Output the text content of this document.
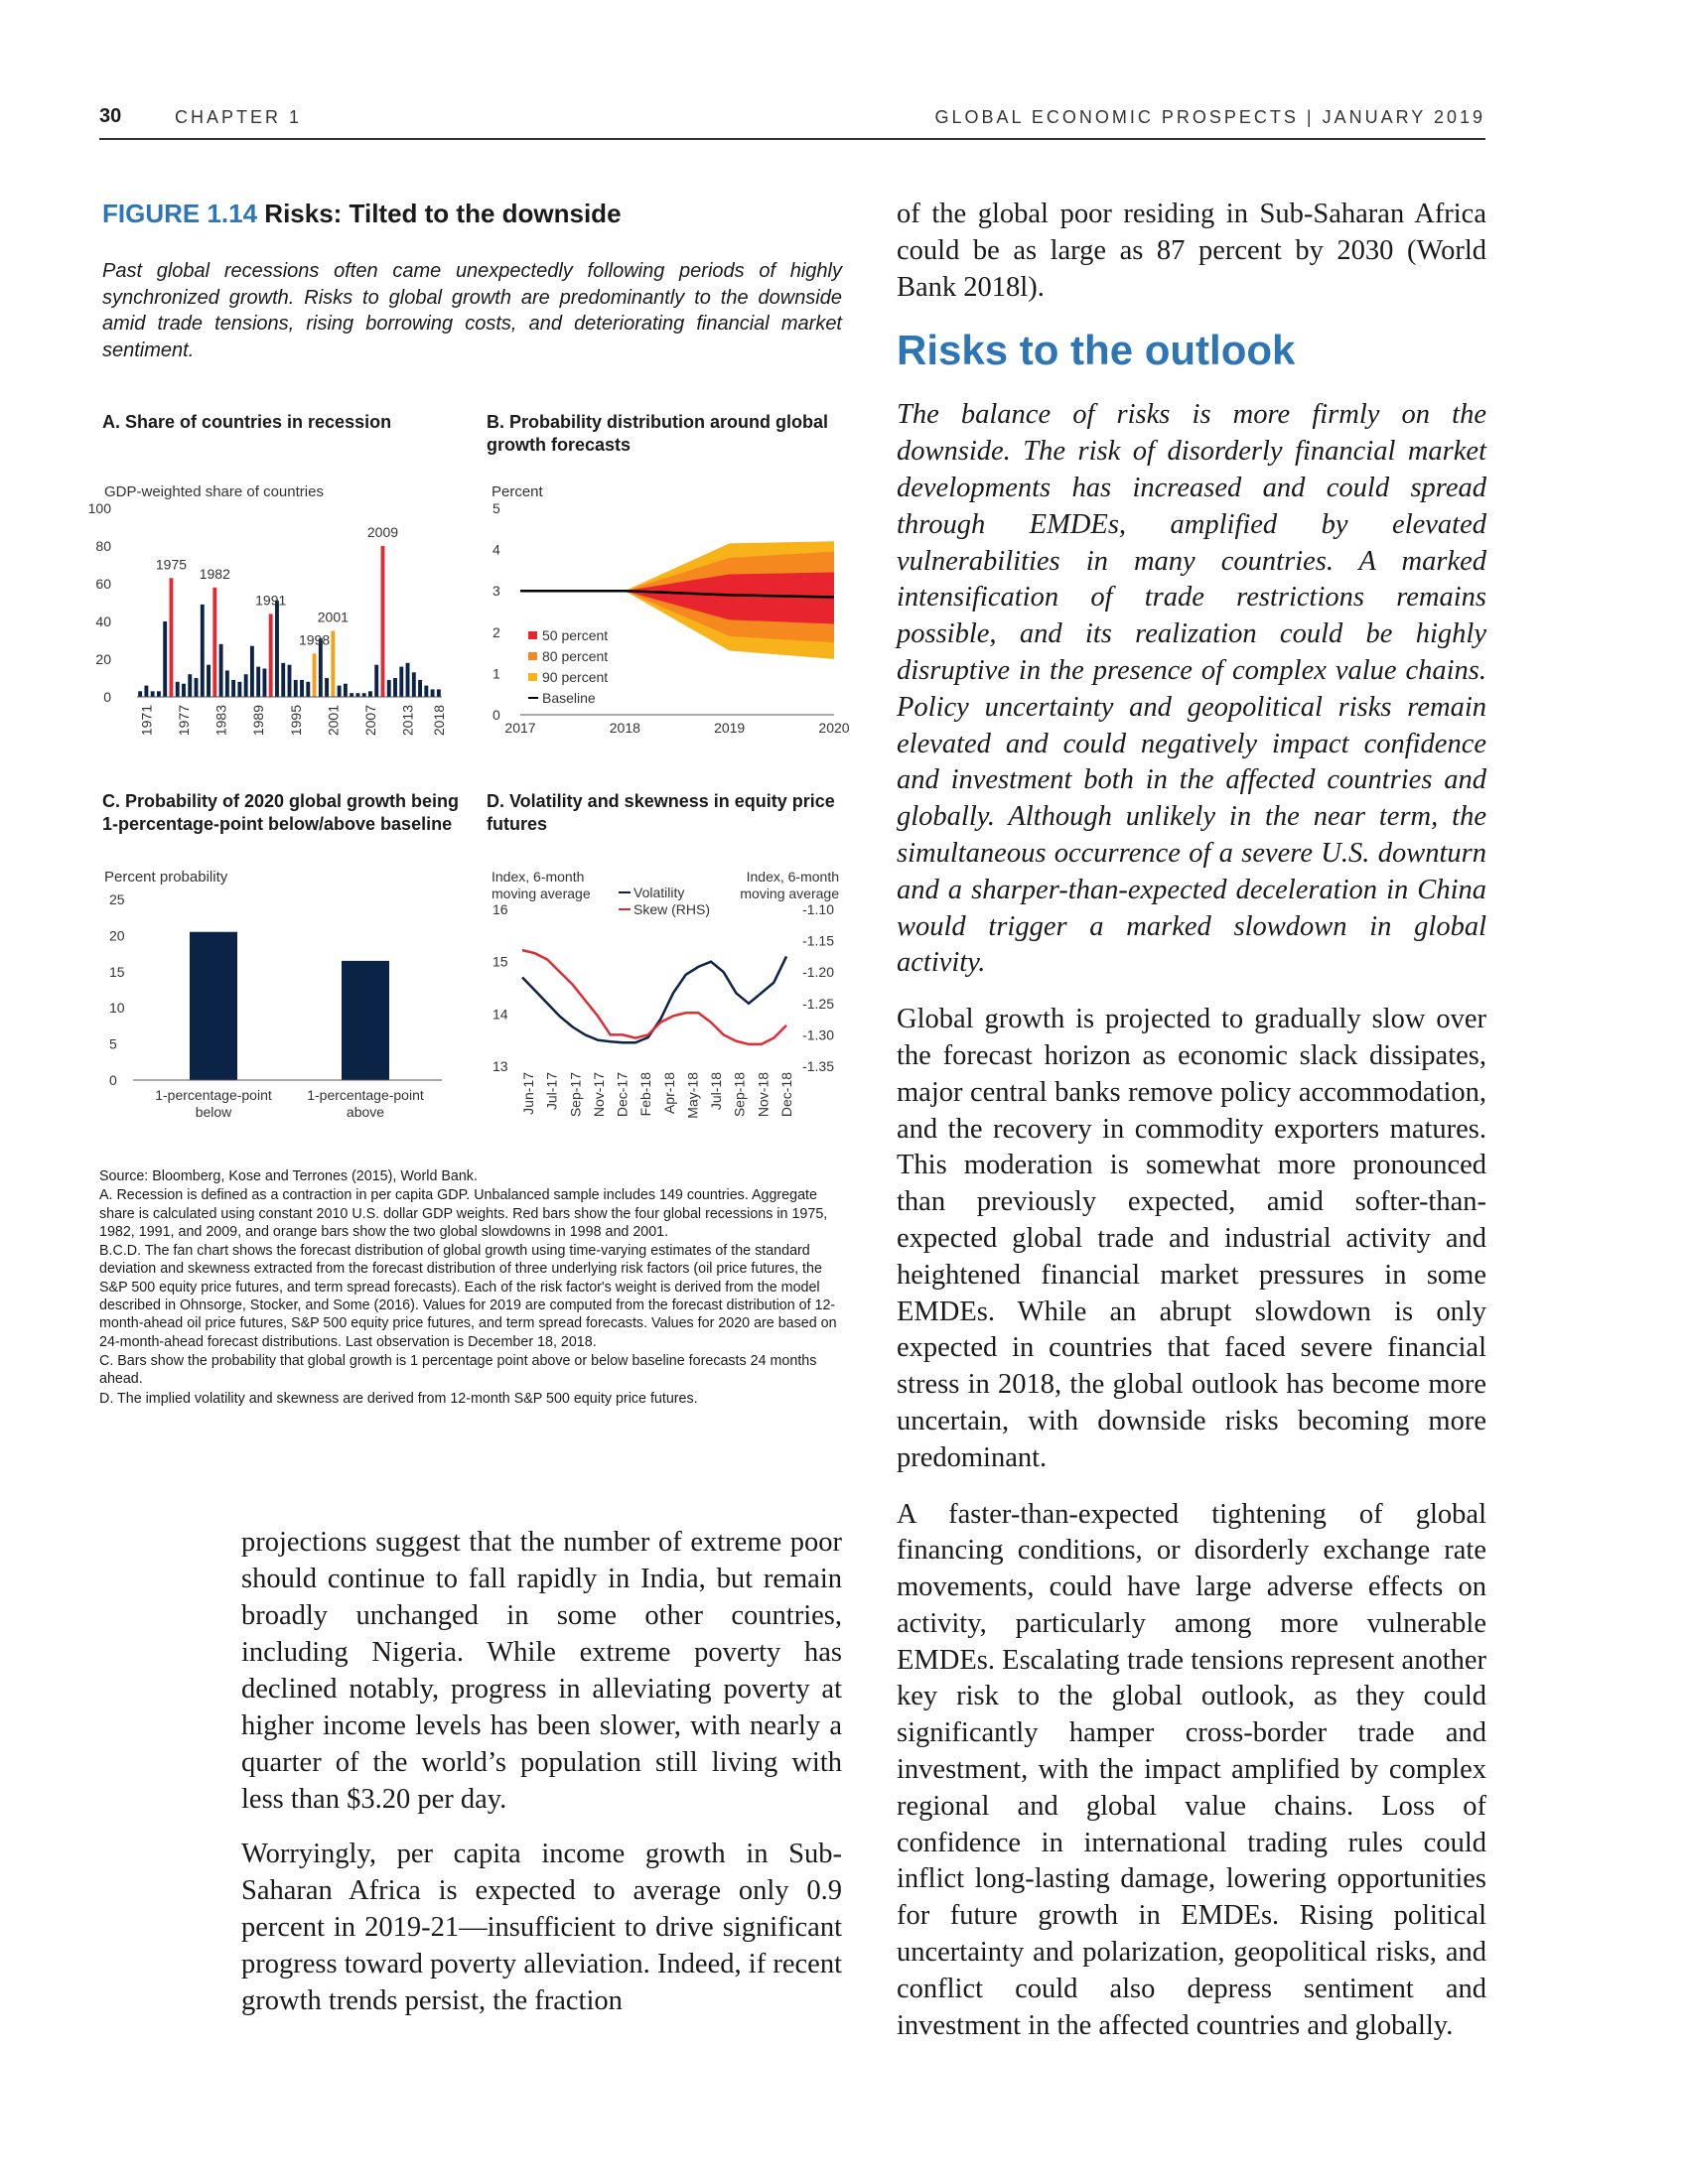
30	CHAPTER 1	GLOBAL ECONOMIC PROSPECTS | JANUARY 2019
FIGURE 1.14 Risks: Tilted to the downside
Past global recessions often came unexpectedly following periods of highly synchronized growth. Risks to global growth are predominantly to the downside amid trade tensions, rising borrowing costs, and deteriorating financial market sentiment.
A. Share of countries in recession	B. Probability distribution around global growth forecasts
C. Probability of 2020 global growth being 1-percentage-point below/above baseline
D. Volatility and skewness in equity price futures
GDP-weighted share of countries
0
20
40
60
80
100
1975
1982
1991
1998
2001
2009
1971 1977 1983 1989 1995 2001 2007 2013 2018
Percent
0
1
2
3
4
5
2017	2018	2019	2020
50 percent
80 percent
90 percent
Baseline
Percent probability
0
5
10
15
20
25
1-percentage-point
below
1-percentage-point
above
Index, 6-month
moving average
Index, 6-month
moving average
Volatility
Skew (RHS)
13
14
15
16	-1.10
-1.15
-1.20
-1.25
-1.30
-1.35
Jun-17 Jul-17 Sep-17 Nov-17 Dec-17 Feb-18 Apr-18 May-18 Jul-18 Sep-18 Nov-18 Dec-18

Source: Bloomberg, Kose and Terrones (2015), World Bank.

A. Recession is defined as a contraction in per capita GDP. Unbalanced sample includes 149 countries. Aggregate share is calculated using constant 2010 U.S. dollar GDP weights. Red bars show the four global recessions in 1975, 1982, 1991, and 2009, and orange bars show the two global slowdowns in 1998 and 2001.

B.C.D. The fan chart shows the forecast distribution of global growth using time-varying estimates of the standard deviation and skewness extracted from the forecast distribution of three underlying risk factors (oil price futures, the S&P 500 equity price futures, and term spread forecasts). Each of the risk factor's weight is derived from the model described in Ohnsorge, Stocker, and Some (2016). Values for 2019 are computed from the forecast distribution of 12-month-ahead oil price futures, S&P 500 equity price futures, and term spread forecasts. Values for 2020 are based on 24-month-ahead forecast distributions. Last observation is December 18, 2018.

C. Bars show the probability that global growth is 1 percentage point above or below baseline forecasts 24 months ahead.

D. The implied volatility and skewness are derived from 12-month S&P 500 equity price futures.

projections suggest that the number of extreme poor should continue to fall rapidly in India, but remain broadly unchanged in some other countries, including Nigeria. While extreme poverty has declined notably, progress in alleviating poverty at higher income levels has been slower, with nearly a quarter of the world’s population still living with less than $3.20 per day.

Worryingly, per capita income growth in Sub-Saharan Africa is expected to average only 0.9 percent in 2019-21—insufficient to drive significant progress toward poverty alleviation. Indeed, if recent growth trends persist, the fraction

of the global poor residing in Sub-Saharan Africa could be as large as 87 percent by 2030 (World Bank 2018l).

Risks to the outlook

The balance of risks is more firmly on the downside. The risk of disorderly financial market developments has increased and could spread through EMDEs, amplified by elevated vulnerabilities in many countries. A marked intensification of trade restrictions remains possible, and its realization could be highly disruptive in the presence of complex value chains. Policy uncertainty and geopolitical risks remain elevated and could negatively impact confidence and investment both in the affected countries and globally. Although unlikely in the near term, the simultaneous occurrence of a severe U.S. downturn and a sharper-than-expected deceleration in China would trigger a marked slowdown in global activity.

Global growth is projected to gradually slow over the forecast horizon as economic slack dissipates, major central banks remove policy accommodation, and the recovery in commodity exporters matures. This moderation is somewhat more pronounced than previously expected, amid softer-than-expected global trade and industrial activity and heightened financial market pressures in some EMDEs. While an abrupt slowdown is only expected in countries that faced severe financial stress in 2018, the global outlook has become more uncertain, with downside risks becoming more predominant.

A faster-than-expected tightening of global financing conditions, or disorderly exchange rate movements, could have large adverse effects on activity, particularly among more vulnerable EMDEs. Escalating trade tensions represent another key risk to the global outlook, as they could significantly hamper cross-border trade and investment, with the impact amplified by complex regional and global value chains. Loss of confidence in international trading rules could inflict long-lasting damage, lowering opportunities for future growth in EMDEs. Rising political uncertainty and polarization, geopolitical risks, and conflict could also depress sentiment and investment in the affected countries and globally.
